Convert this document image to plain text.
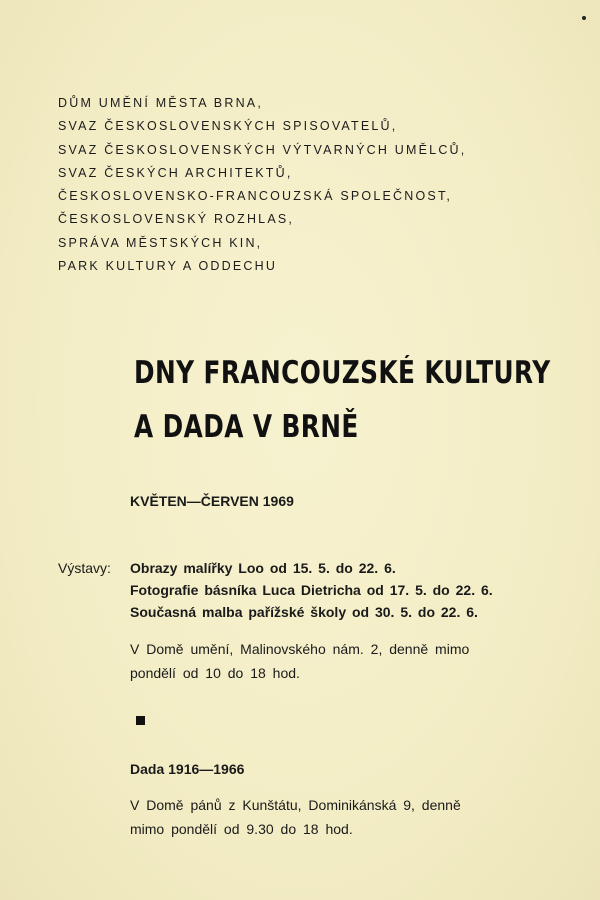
DŮM UMĚNÍ MĚSTA BRNA,
SVAZ ČESKOSLOVENSKÝCH SPISOVATELŮ,
SVAZ ČESKOSLOVENSKÝCH VÝTVARNÝCH UMĚLCŮ,
SVAZ ČESKÝCH ARCHITEKTŮ,
ČESKOSLOVENSKO-FRANCOUZSKÁ SPOLEČNOST,
ČESKOSLOVENSKÝ ROZHLAS,
SPRÁVA MĚSTSKÝCH KIN,
PARK KULTURY A ODDECHU
DNY FRANCOUZSKÉ KULTURY
A DADA V BRNĚ
KVĚTEN—ČERVEN 1969
Výstavy: Obrazy malířky Loo od 15. 5. do 22. 6.
Fotografie básníka Luca Dietricha od 17. 5. do 22. 6.
Současná malba pařížské školy od 30. 5. do 22. 6.
V Domě umění, Malinovského nám. 2, denně mimo
pondělí od 10 do 18 hod.
Dada 1916—1966
V Domě pánů z Kunštátu, Dominikánská 9, denně
mimo pondělí od 9.30 do 18 hod.
